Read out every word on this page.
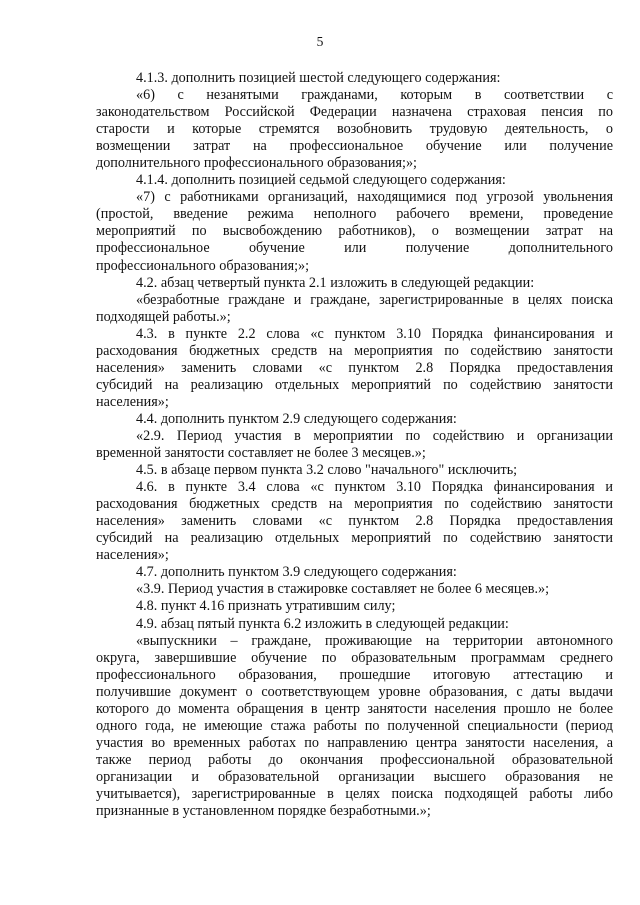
5
4.1.3. дополнить позицией шестой следующего содержания:
«6) с незанятыми гражданами, которым в соответствии с
законодательством Российской Федерации назначена страховая пенсия по
старости и которые стремятся возобновить трудовую деятельность, о
возмещении затрат на профессиональное обучение или получение
дополнительного профессионального образования;»;
4.1.4. дополнить позицией седьмой следующего содержания:
«7) с работниками организаций, находящимися под угрозой увольнения
(простой, введение режима неполного рабочего времени, проведение
мероприятий по высвобождению работников), о возмещении затрат на
профессиональное обучение или получение дополнительного
профессионального образования;»;
4.2. абзац четвертый пункта 2.1 изложить в следующей редакции:
«безработные граждане и граждане, зарегистрированные в целях поиска
подходящей работы.»;
4.3. в пункте 2.2 слова «с пунктом 3.10 Порядка финансирования и
расходования бюджетных средств на мероприятия по содействию занятости
населения» заменить словами «с пунктом 2.8 Порядка предоставления
субсидий на реализацию отдельных мероприятий по содействию занятости
населения»;
4.4. дополнить пунктом 2.9 следующего содержания:
«2.9. Период участия в мероприятии по содействию и организации
временной занятости составляет не более 3 месяцев.»;
4.5. в абзаце первом пункта 3.2 слово "начального" исключить;
4.6. в пункте 3.4 слова «с пунктом 3.10 Порядка финансирования и
расходования бюджетных средств на мероприятия по содействию занятости
населения» заменить словами «с пунктом 2.8 Порядка предоставления
субсидий на реализацию отдельных мероприятий по содействию занятости
населения»;
4.7. дополнить пунктом 3.9 следующего содержания:
«3.9. Период участия в стажировке составляет не более 6 месяцев.»;
4.8. пункт 4.16 признать утратившим силу;
4.9. абзац пятый пункта 6.2 изложить в следующей редакции:
«выпускники – граждане, проживающие на территории автономного
округа, завершившие обучение по образовательным программам среднего
профессионального образования, прошедшие итоговую аттестацию и
получившие документ о соответствующем уровне образования, с даты выдачи
которого до момента обращения в центр занятости населения прошло не более
одного года, не имеющие стажа работы по полученной специальности (период
участия во временных работах по направлению центра занятости населения, а
также период работы до окончания профессиональной образовательной
организации и образовательной организации высшего образования не
учитывается), зарегистрированные в целях поиска подходящей работы либо
признанные в установленном порядке безработными.»;
